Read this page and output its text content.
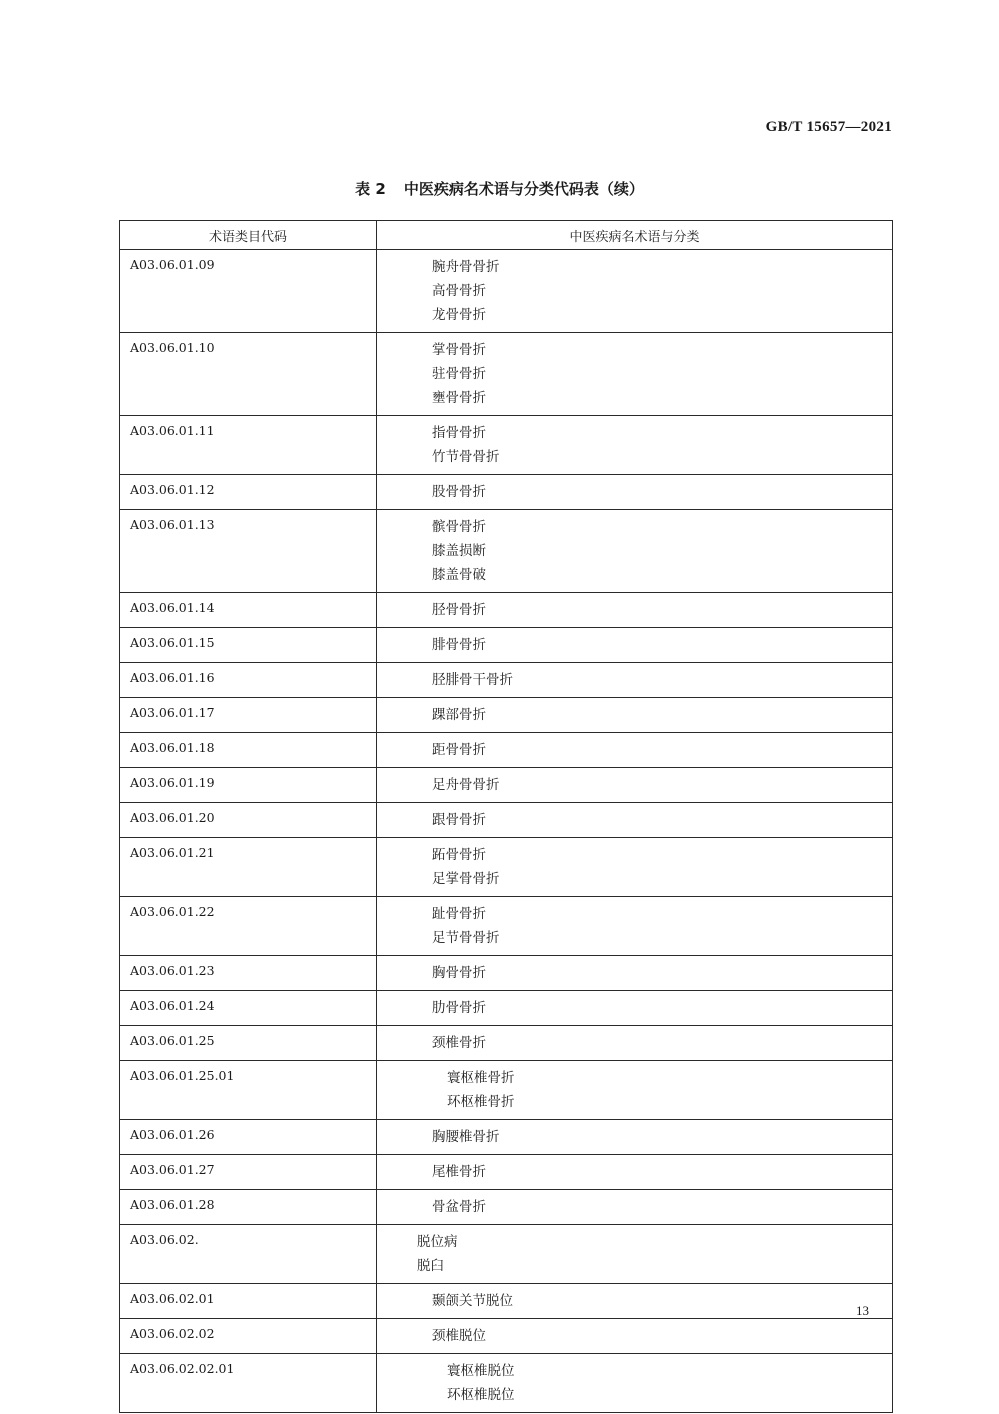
GB/T 15657—2021
表 2 中医疾病名术语与分类代码表（续）
术语类目代码	中医疾病名术语与分类

A03.06.01.09	腕舟骨骨折
高骨骨折
龙骨骨折

A03.06.01.10	掌骨骨折
驻骨骨折
壅骨骨折

A03.06.01.11	指骨骨折
竹节骨骨折

A03.06.01.12	股骨骨折

A03.06.01.13	髌骨骨折
膝盖损断
膝盖骨破

A03.06.01.14	胫骨骨折

A03.06.01.15	腓骨骨折

A03.06.01.16	胫腓骨干骨折

A03.06.01.17	踝部骨折

A03.06.01.18	距骨骨折

A03.06.01.19	足舟骨骨折

A03.06.01.20	跟骨骨折

A03.06.01.21	跖骨骨折
足掌骨骨折

A03.06.01.22	趾骨骨折
足节骨骨折

A03.06.01.23	胸骨骨折

A03.06.01.24	肋骨骨折

A03.06.01.25	颈椎骨折

A03.06.01.25.01	寰枢椎骨折
环枢椎骨折

A03.06.01.26	胸腰椎骨折

A03.06.01.27	尾椎骨折

A03.06.01.28	骨盆骨折

A03.06.02.	脱位病
脱臼

A03.06.02.01	颞颌关节脱位

A03.06.02.02	颈椎脱位

A03.06.02.02.01	寰枢椎脱位
环枢椎脱位
13
